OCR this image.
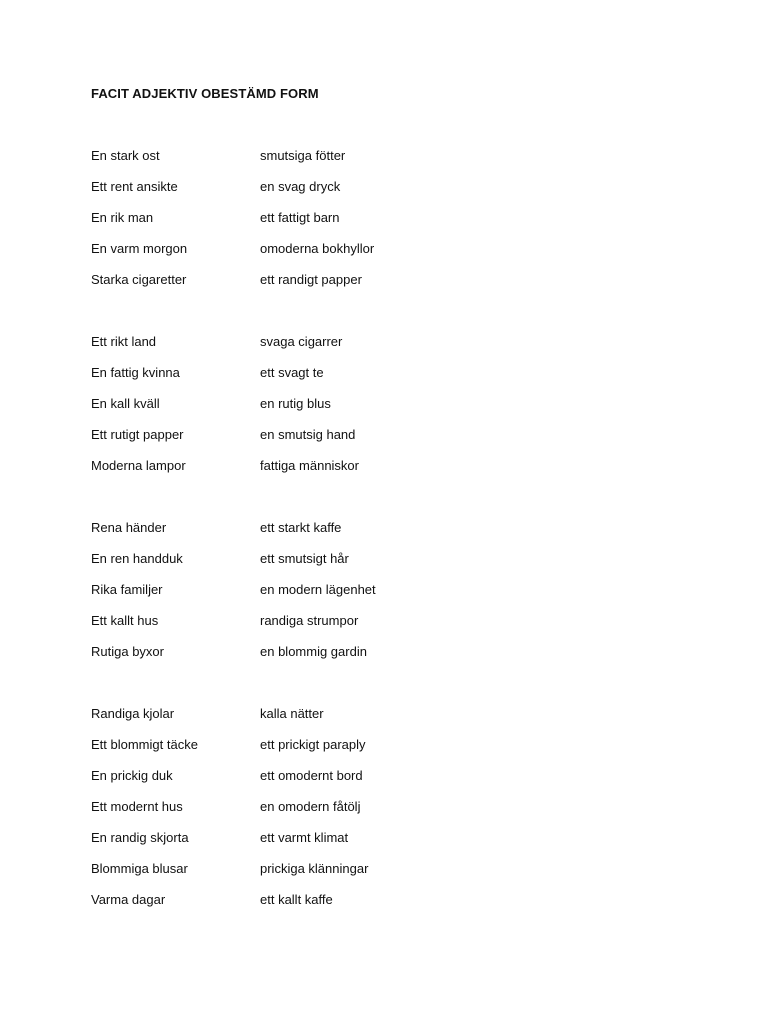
FACIT ADJEKTIV OBESTÄMD FORM
En stark ost	smutsiga fötter
Ett rent ansikte	en svag dryck
En rik man	ett fattigt barn
En varm morgon	omoderna bokhyllor
Starka cigaretter	ett randigt papper
Ett rikt land	svaga cigarrer
En fattig kvinna	ett svagt te
En kall kväll	en rutig blus
Ett rutigt papper	en smutsig hand
Moderna lampor	fattiga människor
Rena händer	ett starkt kaffe
En ren handduk	ett smutsigt hår
Rika familjer	en modern lägenhet
Ett kallt hus	randiga strumpor
Rutiga byxor	en blommig gardin
Randiga kjolar	kalla nätter
Ett blommigt täcke	ett prickigt paraply
En prickig duk	ett omodernt bord
Ett modernt hus	en omodern fåtölj
En randig skjorta	ett varmt klimat
Blommiga blusar	prickiga klänningar
Varma dagar	ett kallt kaffe
